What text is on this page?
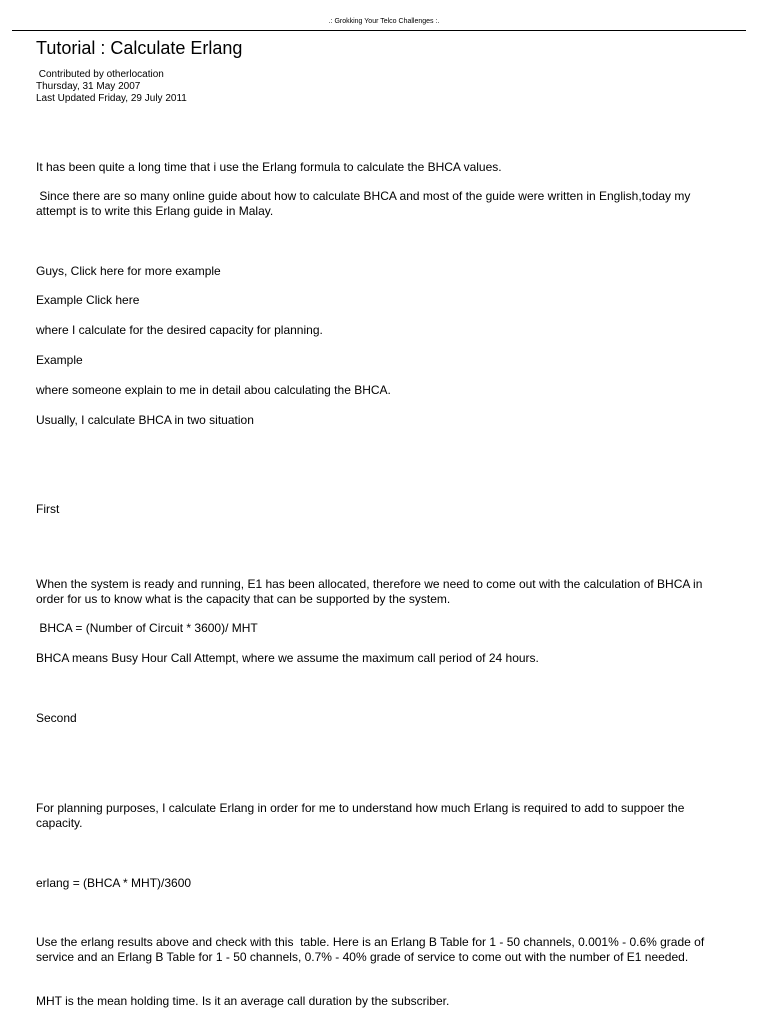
.: Grokking Your Telco Challenges :.
Tutorial : Calculate Erlang
Contributed by otherlocation
Thursday, 31 May 2007
Last Updated Friday, 29 July 2011

It has been quite a long time that i use the Erlang formula to calculate the BHCA values.

Since there are so many online guide about how to calculate BHCA and most of the guide were written in English,today my attempt is to write this Erlang guide in Malay.

Guys, Click here for more example

Example Click here

where I calculate for the desired capacity for planning.

Example

where someone explain to me in detail abou calculating the BHCA.

Usually, I calculate BHCA in two situation

First

When the system is ready and running, E1 has been allocated, therefore we need to come out with the calculation of BHCA in order for us to know what is the capacity that can be supported by the system.

BHCA = (Number of Circuit * 3600)/ MHT

BHCA means Busy Hour Call Attempt, where we assume the maximum call period of 24 hours.

Second

For planning purposes, I calculate Erlang in order for me to understand how much Erlang is required to add to suppoer the capacity.

erlang = (BHCA * MHT)/3600

Use the erlang results above and check with this  table. Here is an Erlang B Table for 1 - 50 channels, 0.001% - 0.6% grade of service and an Erlang B Table for 1 - 50 channels, 0.7% - 40% grade of service to come out with the number of E1 needed.

MHT is the mean holding time. Is it an average call duration by the subscriber.
